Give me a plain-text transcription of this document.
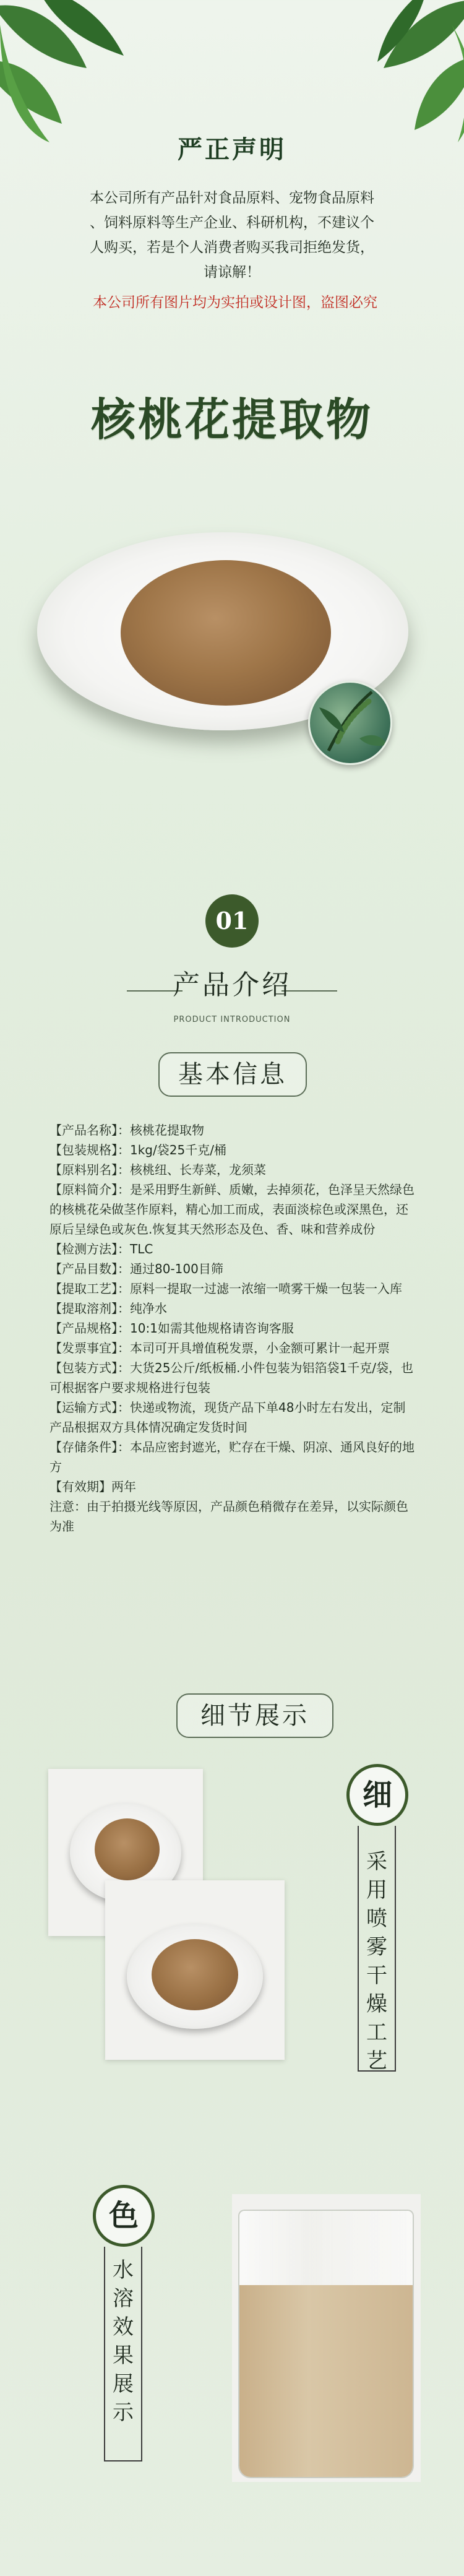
严正声明
本公司所有产品针对食品原料、宠物食品原料
、饲料原料等生产企业、科研机构，不建议个
人购买，若是个人消费者购买我司拒绝发货，
请谅解！
本公司所有图片均为实拍或设计图，盗图必究
核桃花提取物
01
产品介绍
PRODUCT INTRODUCTION
基本信息

【产品名称】：核桃花提取物

【包装规格】：1kg/袋25千克/桶

【原料别名】：核桃纽、长寿菜，龙须菜

【原料简介】：是采用野生新鲜、质嫩，去掉须花，色泽呈天然绿色的核桃花朵做茎作原料，精心加工而成，表面淡棕色或深黑色，还原后呈绿色或灰色.恢复其天然形态及色、香、味和营养成份

【检测方法】：TLC

【产品目数】：通过80-100目筛

【提取工艺】：原料一提取一过滤一浓缩一喷雾干燥一包装一入库

【提取溶剂】：纯净水

【产品规格】：10:1如需其他规格请咨询客服

【发票事宜】：本司可开具增值税发票，小金额可累计一起开票

【包装方式】：大货25公斤/纸板桶.小件包装为铝箔袋1千克/袋，也可根据客户要求规格进行包装

【运输方式】：快递或物流，现货产品下单48小时左右发出，定制产品根据双方具体情况确定发货时间

【存储条件】：本品应密封遮光，贮存在干燥、阴凉、通风良好的地方

【有效期】两年

注意：由于拍摄光线等原因，产品颜色稍微存在差异，以实际颜色为准

细节展示
细
采
用
喷
雾
干
燥
工
艺
色
水
溶
效
果
展
示
